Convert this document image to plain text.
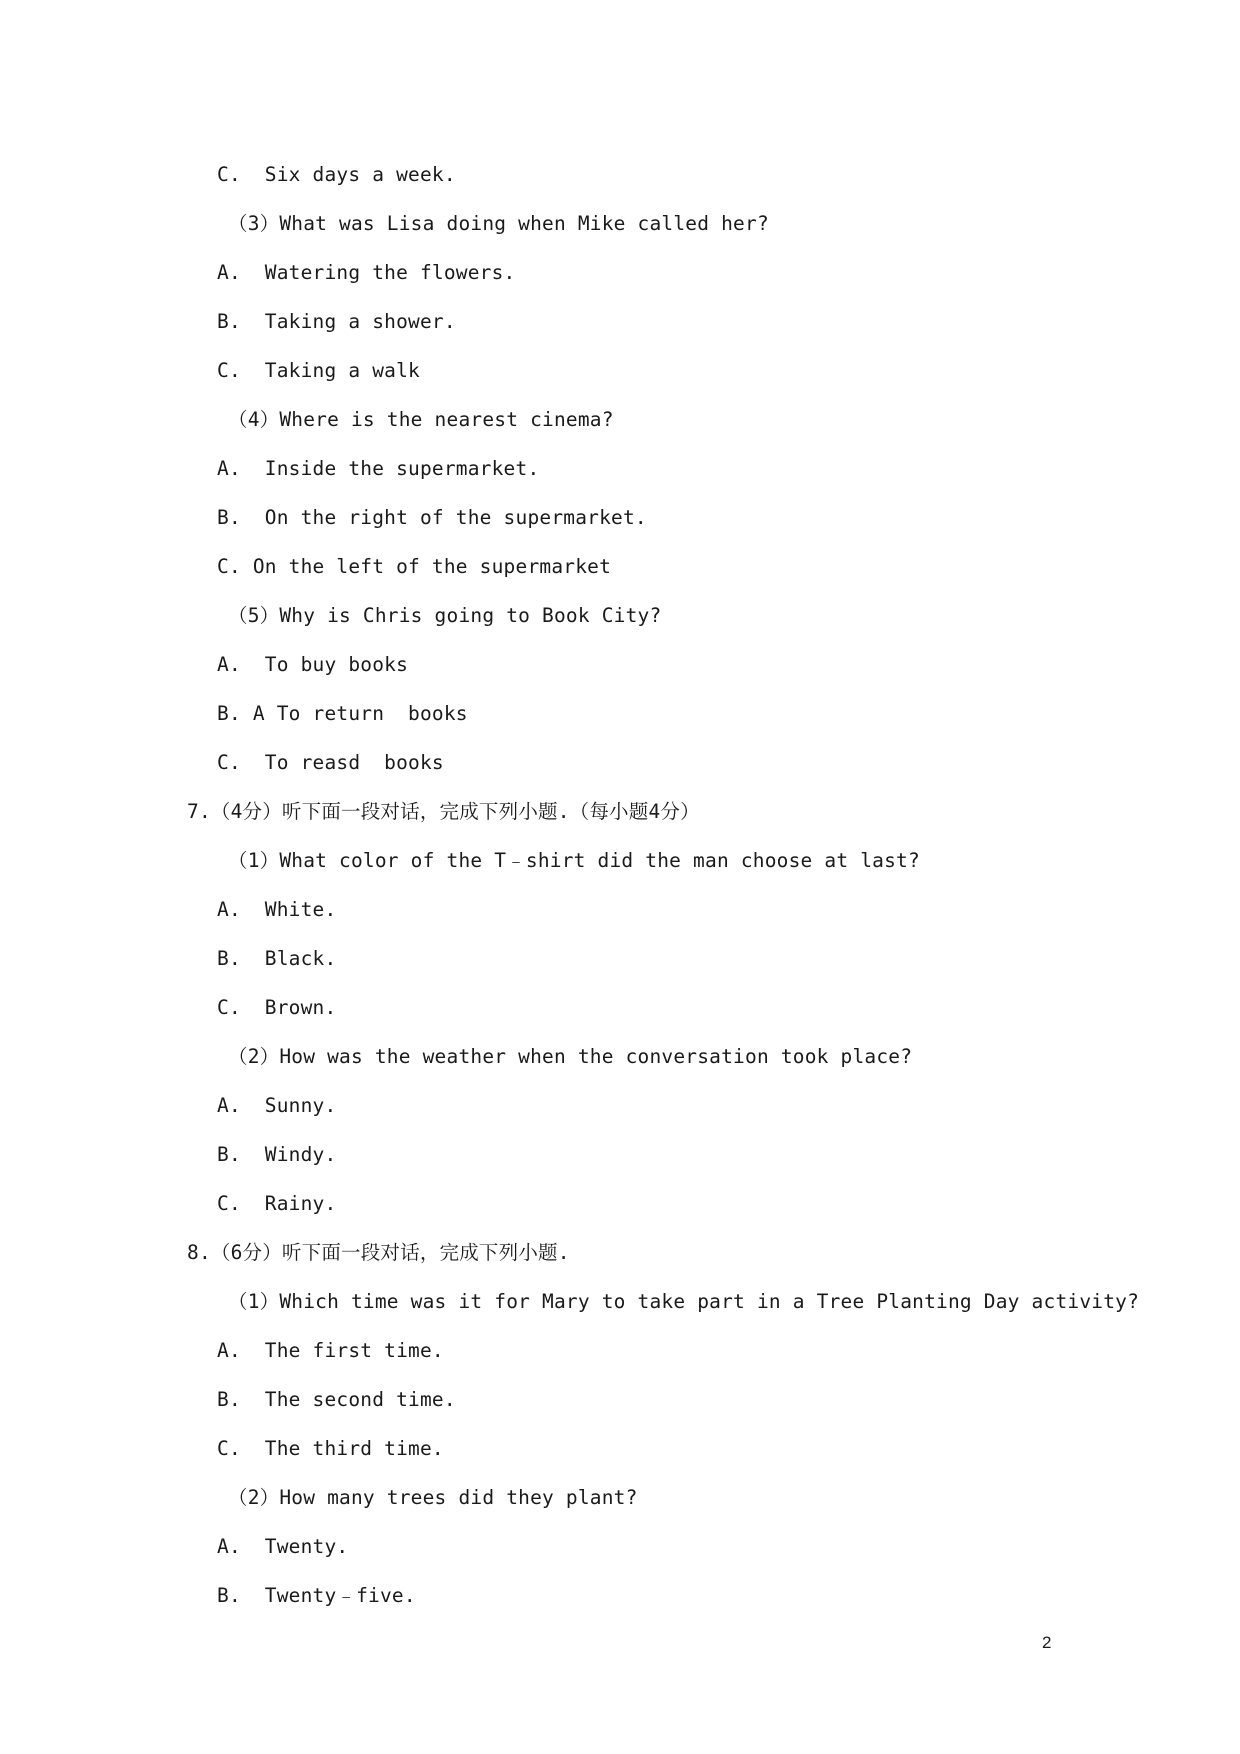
C.  Six days a week.
（3）What was Lisa doing when Mike called her?
A.  Watering the flowers.
B.  Taking a shower.
C.  Taking a walk
（4）Where is the nearest cinema?
A.  Inside the supermarket.
B.  On the right of the supermarket.
C. On the left of the supermarket
（5）Why is Chris going to Book City?
A.  To buy books
B. A To return  books
C.  To reasd  books
7.（4分）听下面一段对话，完成下列小题.（每小题4分）
（1）What color of the T﹣shirt did the man choose at last?
A.  White.
B.  Black.
C.  Brown.
（2）How was the weather when the conversation took place?
A.  Sunny.
B.  Windy.
C.  Rainy.
8.（6分）听下面一段对话，完成下列小题.
（1）Which time was it for Mary to take part in a Tree Planting Day activity?
A.  The first time.
B.  The second time.
C.  The third time.
（2）How many trees did they plant?
A.  Twenty.
B.  Twenty﹣five.
2
